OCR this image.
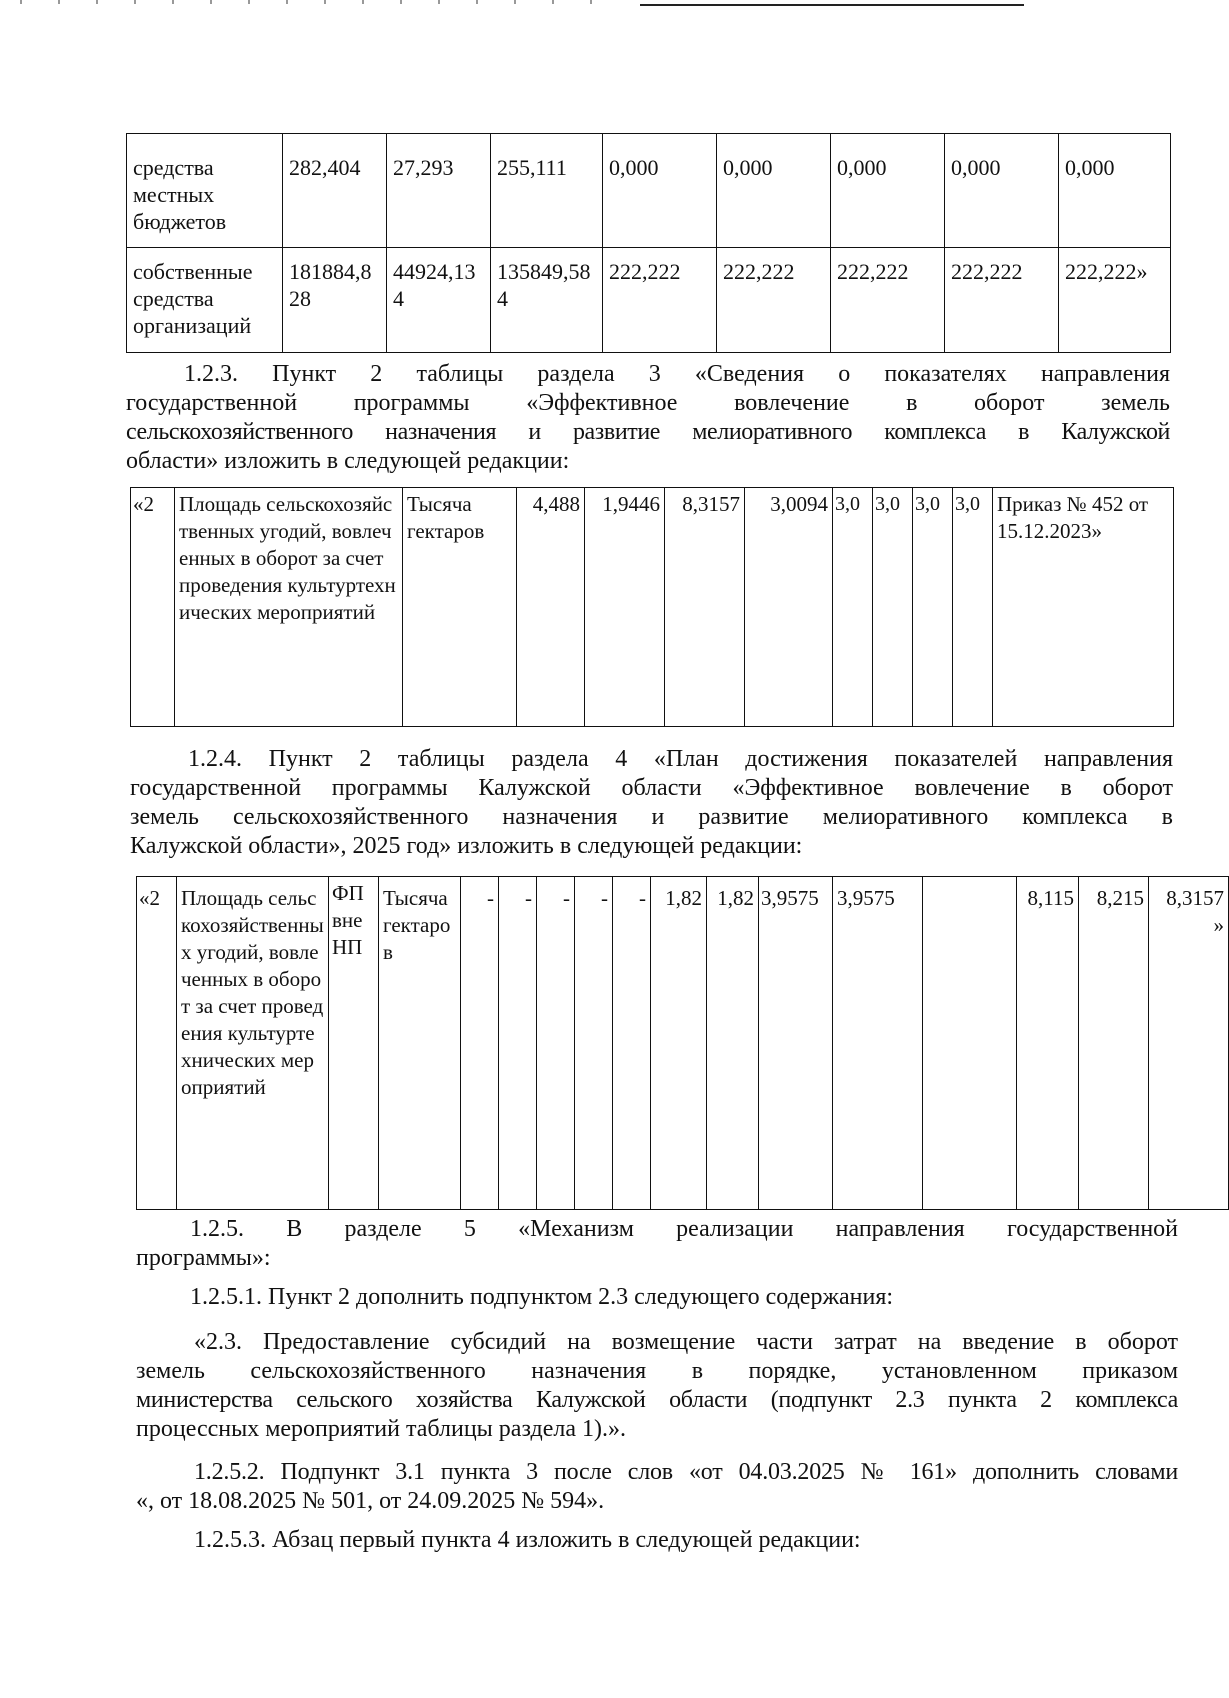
средства местных бюджетов	282,404	27,293	255,111	0,000	0,000	0,000	0,000	0,000
собственные средства организаций	181884,828	44924,134	135849,584	222,222	222,222	222,222	222,222	222,222»
1.2.3. Пункт 2 таблицы раздела 3 «Сведения о показателях направления
государственной программы «Эффективное вовлечение в оборот земель
сельскохозяйственного назначения и развитие мелиоративного комплекса в Калужской
области» изложить в следующей редакции:
«2	Площадь сельскохозяйственных угодий, вовлеченных в оборот за счет проведения культуртехнических мероприятий	Тысяча гектаров	4,488	1,9446	8,3157	3,0094	3,0	3,0	3,0	3,0	Приказ № 452 от 15.12.2023»
1.2.4. Пункт 2 таблицы раздела 4 «План достижения показателей направления
государственной программы Калужской области «Эффективное вовлечение в оборот
земель сельскохозяйственного назначения и развитие мелиоративного комплекса в
Калужской области», 2025 год» изложить в следующей редакции:
«2	Площадь сельскохозяйственных угодий, вовлеченных в оборот за счет проведения культуртехнических мероприятий	ФП вне НП	Тысяча гектаров	-	-	-	-	-	1,82	1,82	3,9575	3,9575		8,115	8,215	8,3157 »
1.2.5. В разделе 5 «Механизм реализации направления государственной
программы»:
1.2.5.1. Пункт 2 дополнить подпунктом 2.3 следующего содержания:
«2.3. Предоставление субсидий на возмещение части затрат на введение в оборот
земель сельскохозяйственного назначения в порядке, установленном приказом
министерства сельского хозяйства Калужской области (подпункт 2.3 пункта 2 комплекса
процессных мероприятий таблицы раздела 1).».
1.2.5.2. Подпункт 3.1 пункта 3 после слов «от 04.03.2025 № 161» дополнить словами
«, от 18.08.2025 № 501, от 24.09.2025 № 594».
1.2.5.3. Абзац первый пункта 4 изложить в следующей редакции:
